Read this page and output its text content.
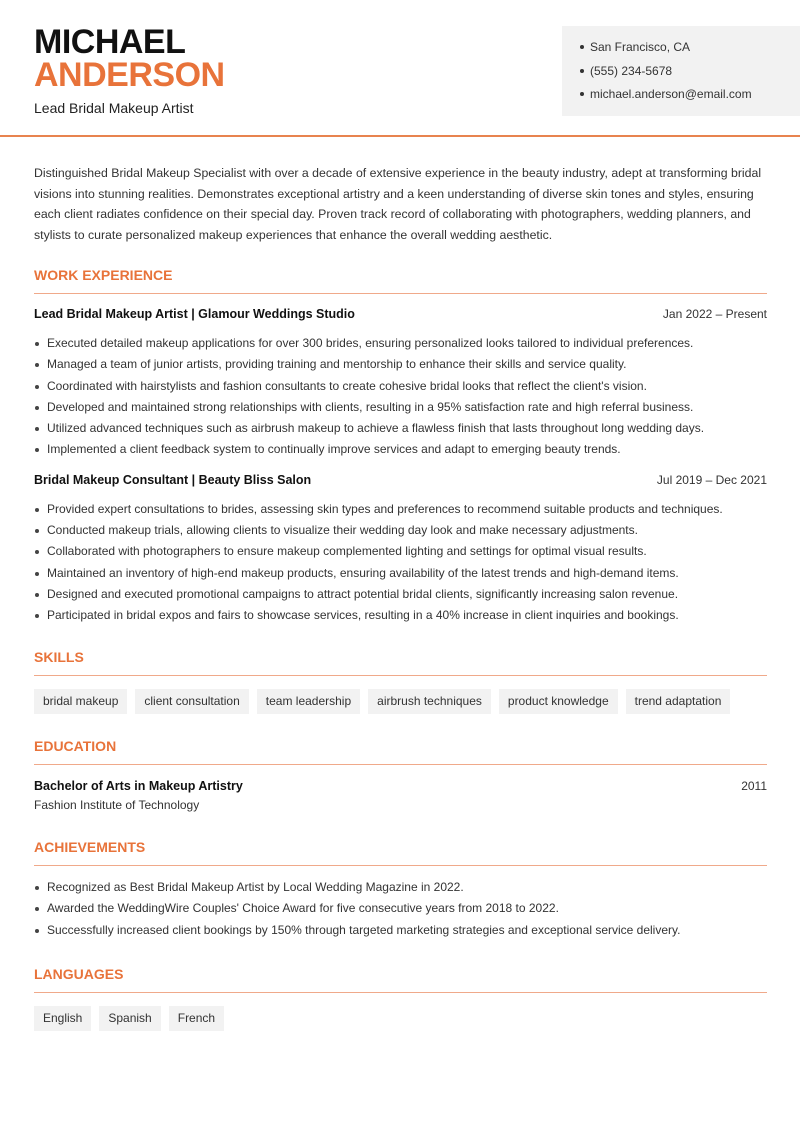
MICHAEL
ANDERSON
Lead Bridal Makeup Artist
San Francisco, CA
(555) 234-5678
michael.anderson@email.com

Distinguished Bridal Makeup Specialist with over a decade of extensive experience in the beauty industry, adept at transforming bridal visions into stunning realities. Demonstrates exceptional artistry and a keen understanding of diverse skin tones and styles, ensuring each client radiates confidence on their special day. Proven track record of collaborating with photographers, wedding planners, and stylists to curate personalized makeup experiences that enhance the overall wedding aesthetic.

WORK EXPERIENCE
Lead Bridal Makeup Artist | Glamour Weddings Studio	Jan 2022 – Present
Executed detailed makeup applications for over 300 brides, ensuring personalized looks tailored to individual preferences.
Managed a team of junior artists, providing training and mentorship to enhance their skills and service quality.
Coordinated with hairstylists and fashion consultants to create cohesive bridal looks that reflect the client's vision.
Developed and maintained strong relationships with clients, resulting in a 95% satisfaction rate and high referral business.
Utilized advanced techniques such as airbrush makeup to achieve a flawless finish that lasts throughout long wedding days.
Implemented a client feedback system to continually improve services and adapt to emerging beauty trends.
Bridal Makeup Consultant | Beauty Bliss Salon	Jul 2019 – Dec 2021
Provided expert consultations to brides, assessing skin types and preferences to recommend suitable products and techniques.
Conducted makeup trials, allowing clients to visualize their wedding day look and make necessary adjustments.
Collaborated with photographers to ensure makeup complemented lighting and settings for optimal visual results.
Maintained an inventory of high-end makeup products, ensuring availability of the latest trends and high-demand items.
Designed and executed promotional campaigns to attract potential bridal clients, significantly increasing salon revenue.
Participated in bridal expos and fairs to showcase services, resulting in a 40% increase in client inquiries and bookings.
SKILLS
bridal makeup	client consultation	team leadership	airbrush techniques	product knowledge	trend adaptation
EDUCATION
Bachelor of Arts in Makeup Artistry	2011
Fashion Institute of Technology
ACHIEVEMENTS
Recognized as Best Bridal Makeup Artist by Local Wedding Magazine in 2022.
Awarded the WeddingWire Couples' Choice Award for five consecutive years from 2018 to 2022.
Successfully increased client bookings by 150% through targeted marketing strategies and exceptional service delivery.
LANGUAGES
English	Spanish	French
